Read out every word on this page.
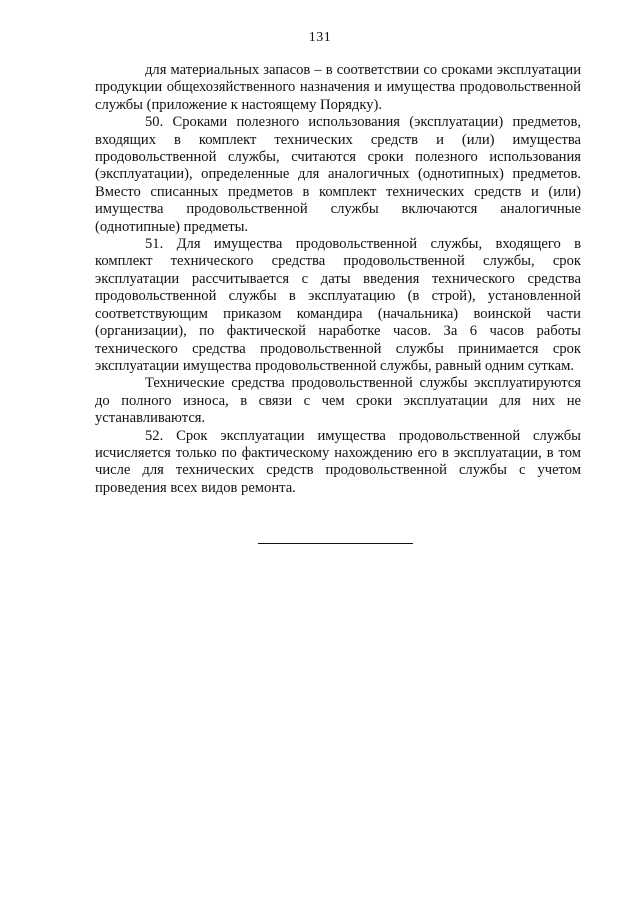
131

для материальных запасов – в соответствии со сроками эксплуатации продукции общехозяйственного назначения и имущества продовольственной службы (приложение к настоящему Порядку).

50. Сроками полезного использования (эксплуатации) предметов, входящих в комплект технических средств и (или) имущества продовольственной службы, считаются сроки полезного использования (эксплуатации), определенные для аналогичных (однотипных) предметов. Вместо списанных предметов в комплект технических средств и (или) имущества продовольственной службы включаются аналогичные (однотипные) предметы.

51. Для имущества продовольственной службы, входящего в комплект технического средства продовольственной службы, срок эксплуатации рассчитывается с даты введения технического средства продовольственной службы в эксплуатацию (в строй), установленной соответствующим приказом командира (начальника) воинской части (организации), по фактической наработке часов. За 6 часов работы технического средства продовольственной службы принимается срок эксплуатации имущества продовольственной службы, равный одним суткам.

Технические средства продовольственной службы эксплуатируются до полного износа, в связи с чем сроки эксплуатации для них не устанавливаются.

52. Срок эксплуатации имущества продовольственной службы исчисляется только по фактическому нахождению его в эксплуатации, в том числе для технических средств продовольственной службы с учетом проведения всех видов ремонта.
